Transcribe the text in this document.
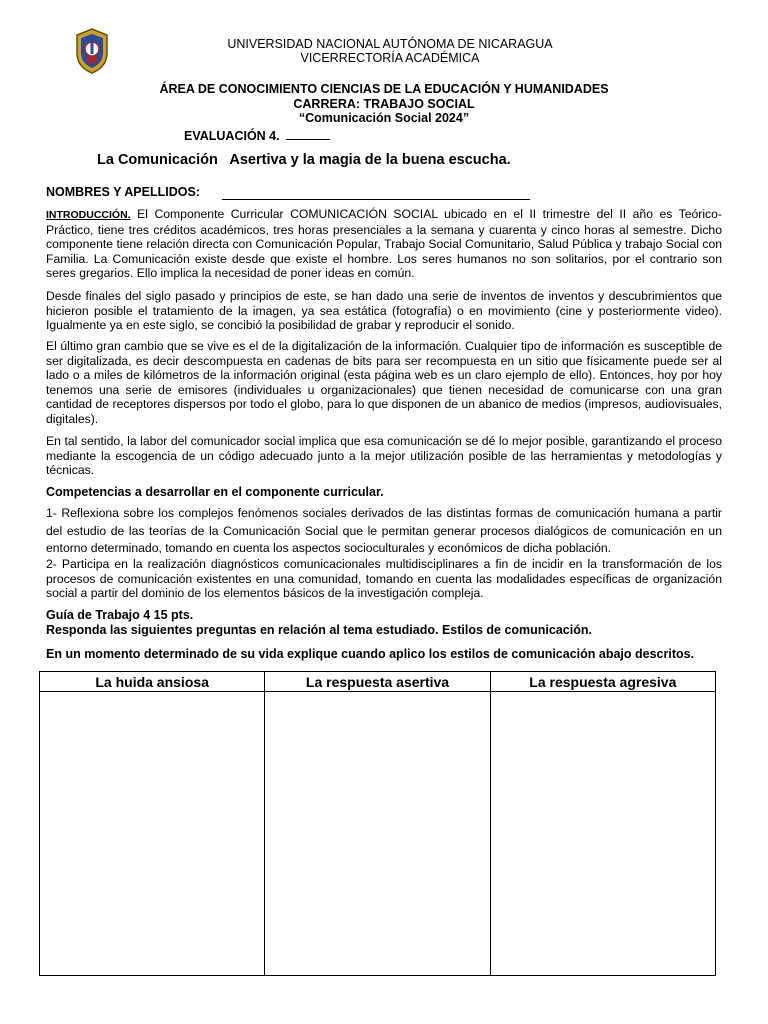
UNIVERSIDAD NACIONAL AUTÓNOMA DE NICARAGUA
VICERRECTORÍA ACADÉMICA
ÁREA DE CONOCIMIENTO CIENCIAS DE LA EDUCACIÓN Y HUMANIDADES
CARRERA: TRABAJO SOCIAL
“Comunicación Social 2024”
EVALUACIÓN 4.
La Comunicación   Asertiva y la magia de la buena escucha.
NOMBRES Y APELLIDOS:
INTRODUCCIÓN. El Componente Curricular COMUNICACIÓN SOCIAL ubicado en el II trimestre del II año es Teórico-Práctico, tiene tres créditos académicos, tres horas presenciales a la semana y cuarenta y cinco horas al semestre. Dicho componente tiene relación directa con Comunicación Popular, Trabajo Social Comunitario, Salud Pública y trabajo Social con Familia. La Comunicación existe desde que existe el hombre. Los seres humanos no son solitarios, por el contrario son seres gregarios. Ello implica la necesidad de poner ideas en común.
Desde finales del siglo pasado y principios de este, se han dado una serie de inventos de inventos y descubrimientos que hicieron posible el tratamiento de la imagen, ya sea estática (fotografía) o en movimiento (cine y posteriormente video). Igualmente ya en este siglo, se concibió la posibilidad de grabar y reproducir el sonido.
El último gran cambio que se vive es el de la digitalización de la información. Cualquier tipo de información es susceptible de ser digitalizada, es decir descompuesta en cadenas de bits para ser recompuesta en un sitio que físicamente puede ser al lado o a miles de kilómetros de la información original (esta página web es un claro ejemplo de ello). Entonces, hoy por hoy tenemos una serie de emisores (individuales u organizacionales) que tienen necesidad de comunicarse con una gran cantidad de receptores dispersos por todo el globo, para lo que disponen de un abanico de medios (impresos, audiovisuales, digitales).
En tal sentido, la labor del comunicador social implica que esa comunicación se dé lo mejor posible, garantizando el proceso mediante la escogencia de un código adecuado junto a la mejor utilización posible de las herramientas y metodologías y técnicas.
Competencias a desarrollar en el componente curricular.
1- Reflexiona sobre los complejos fenómenos sociales derivados de las distintas formas de comunicación humana a partir del estudio de las teorías de la Comunicación Social que le permitan generar procesos dialógicos de comunicación en un entorno determinado, tomando en cuenta los aspectos socioculturales y económicos de dicha población.
2- Participa en la realización diagnósticos comunicacionales multidisciplinares a fin de incidir en la transformación de los procesos de comunicación existentes en una comunidad, tomando en cuenta las modalidades específicas de organización social a partir del dominio de los elementos básicos de la investigación compleja.
Guía de Trabajo 4 15 pts.
Responda las siguientes preguntas en relación al tema estudiado. Estilos de comunicación.
En un momento determinado de su vida explique cuando aplico los estilos de comunicación abajo descritos.
La huida ansiosa	La respuesta asertiva	La respuesta agresiva
